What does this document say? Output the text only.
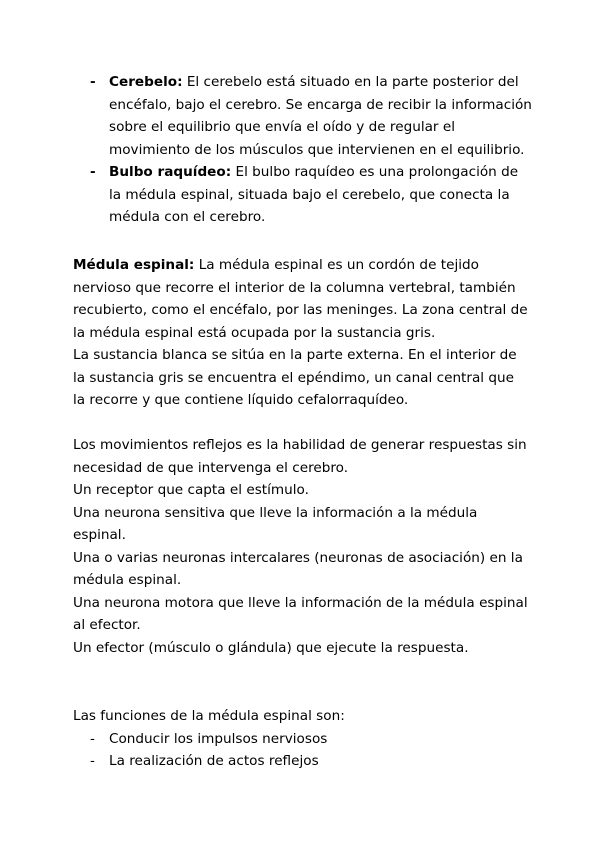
- Cerebelo: El cerebelo está situado en la parte posterior del encéfalo, bajo el cerebro. Se encarga de recibir la información sobre el equilibrio que envía el oído y de regular el movimiento de los músculos que intervienen en el equilibrio.
- Bulbo raquídeo: El bulbo raquídeo es una prolongación de la médula espinal, situada bajo el cerebelo, que conecta la médula con el cerebro.

Médula espinal: La médula espinal es un cordón de tejido nervioso que recorre el interior de la columna vertebral, también recubierto, como el encéfalo, por las meninges. La zona central de la médula espinal está ocupada por la sustancia gris.

La sustancia blanca se sitúa en la parte externa. En el interior de la sustancia gris se encuentra el epéndimo, un canal central que la recorre y que contiene líquido cefalorraquídeo.

Los movimientos reflejos es la habilidad de generar respuestas sin necesidad de que intervenga el cerebro.

Un receptor que capta el estímulo.

Una neurona sensitiva que lleve la información a la médula espinal.

Una o varias neuronas intercalares (neuronas de asociación) en la médula espinal.

Una neurona motora que lleve la información de la médula espinal al efector.

Un efector (músculo o glándula) que ejecute la respuesta.

Las funciones de la médula espinal son:

- Conducir los impulsos nerviosos
- La realización de actos reflejos
